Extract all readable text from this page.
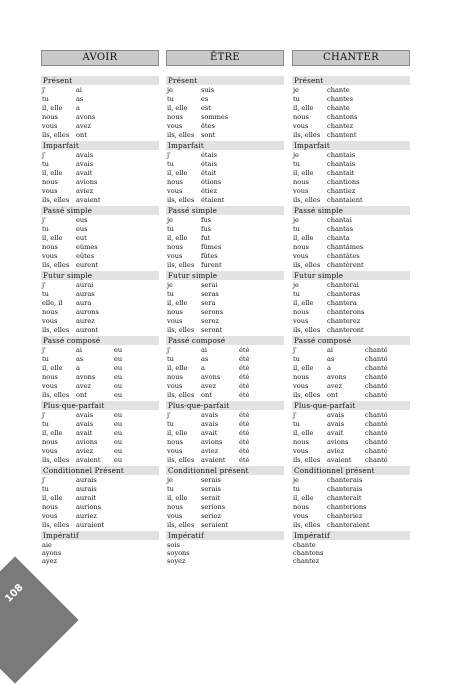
AVOIR
Présent
j'	ai
tu	as
il, elle	a
nous	avons
vous	avez
ils, elles	ont
Imparfait
j'	avais
tu	avais
il, elle	avait
nous	avions
vous	aviez
ils, elles	avaient
Passé simple
j'	eus
tu	eus
il, elle	eut
nous	eûmes
vous	eûtes
ils, elles	eurent
Futur simple
j'	aurai
tu	auras
elle, il	aura
nous	aurons
vous	aurez
ils, elles	auront
Passé composé
j'	ai	eu
tu	as	eu
il, elle	a	eu
nous	avons	eu
vous	avez	eu
ils, elles	ont	eu
Plus-que-parfait
j'	avais	eu
tu	avais	eu
il, elle	avait	eu
nous	avions	eu
vous	aviez	eu
ils, elles	avaient	eu
Conditionnel Présent
j'	aurais
tu	aurais
il, elle	aurait
nous	aurions
vous	auriez
ils, elles	auraient
Impératif
aie
ayons
ayez
ÊTRE
Présent
je	suis
tu	es
il, elle	est
nous	sommes
vous	êtes
ils, elles	sont
Imparfait
j'	étais
tu	étais
il, elle	était
nous	étions
vous	étiez
ils, elles	étaient
Passé simple
je	fus
tu	fus
il, elle	fut
nous	fûmes
vous	fûtes
ils, elles	furent
Futur simple
je	serai
tu	seras
il, elle	sera
nous	serons
vous	serez
ils, elles	seront
Passé composé
j'	ai	été
tu	as	été
il, elle	a	été
nous	avons	été
vous	avez	été
ils, elles	ont	été
Plus-que-parfait
j'	avais	été
tu	avais	été
il, elle	avait	été
nous	avions	été
vous	aviez	été
ils, elles	avaient	été
Conditionnel présent
je	serais
tu	serais
il, elle	serait
nous	serions
vous	seriez
ils, elles	seraient
Impératif
sois
soyons
soyez
CHANTER
Présent
je	chante
tu	chantes
il, elle	chante
nous	chantons
vous	chantez
ils, elles	chantent
Imparfait
je	chantais
tu	chantais
il, elle	chantait
nous	chantions
vous	chantiez
ils, elles	chantaient
Passé simple
je	chantai
tu	chantas
il, elle	chanta
nous	chantâmes
vous	chantâtes
ils, elles	chantèrent
Futur simple
je	chanterai
tu	chanteras
il, elle	chantera
nous	chanterons
vous	chanterez
ils, elles	chanteront
Passé composé
j'	ai	chanté
tu	as	chanté
il, elle	a	chanté
nous	avons	chanté
vous	avez	chanté
ils, elles	ont	chanté
Plus-que-parfait
j'	avais	chanté
tu	avais	chanté
il, elle	avait	chanté
nous	avions	chanté
vous	aviez	chanté
ils, elles	avaient	chanté
Conditionnel présent
je	chanterais
tu	chanterais
il, elle	chanterait
nous	chanterions
vous	chanteriez
ils, elles	chanteraient
Impératif
chante
chantons
chantez
108
